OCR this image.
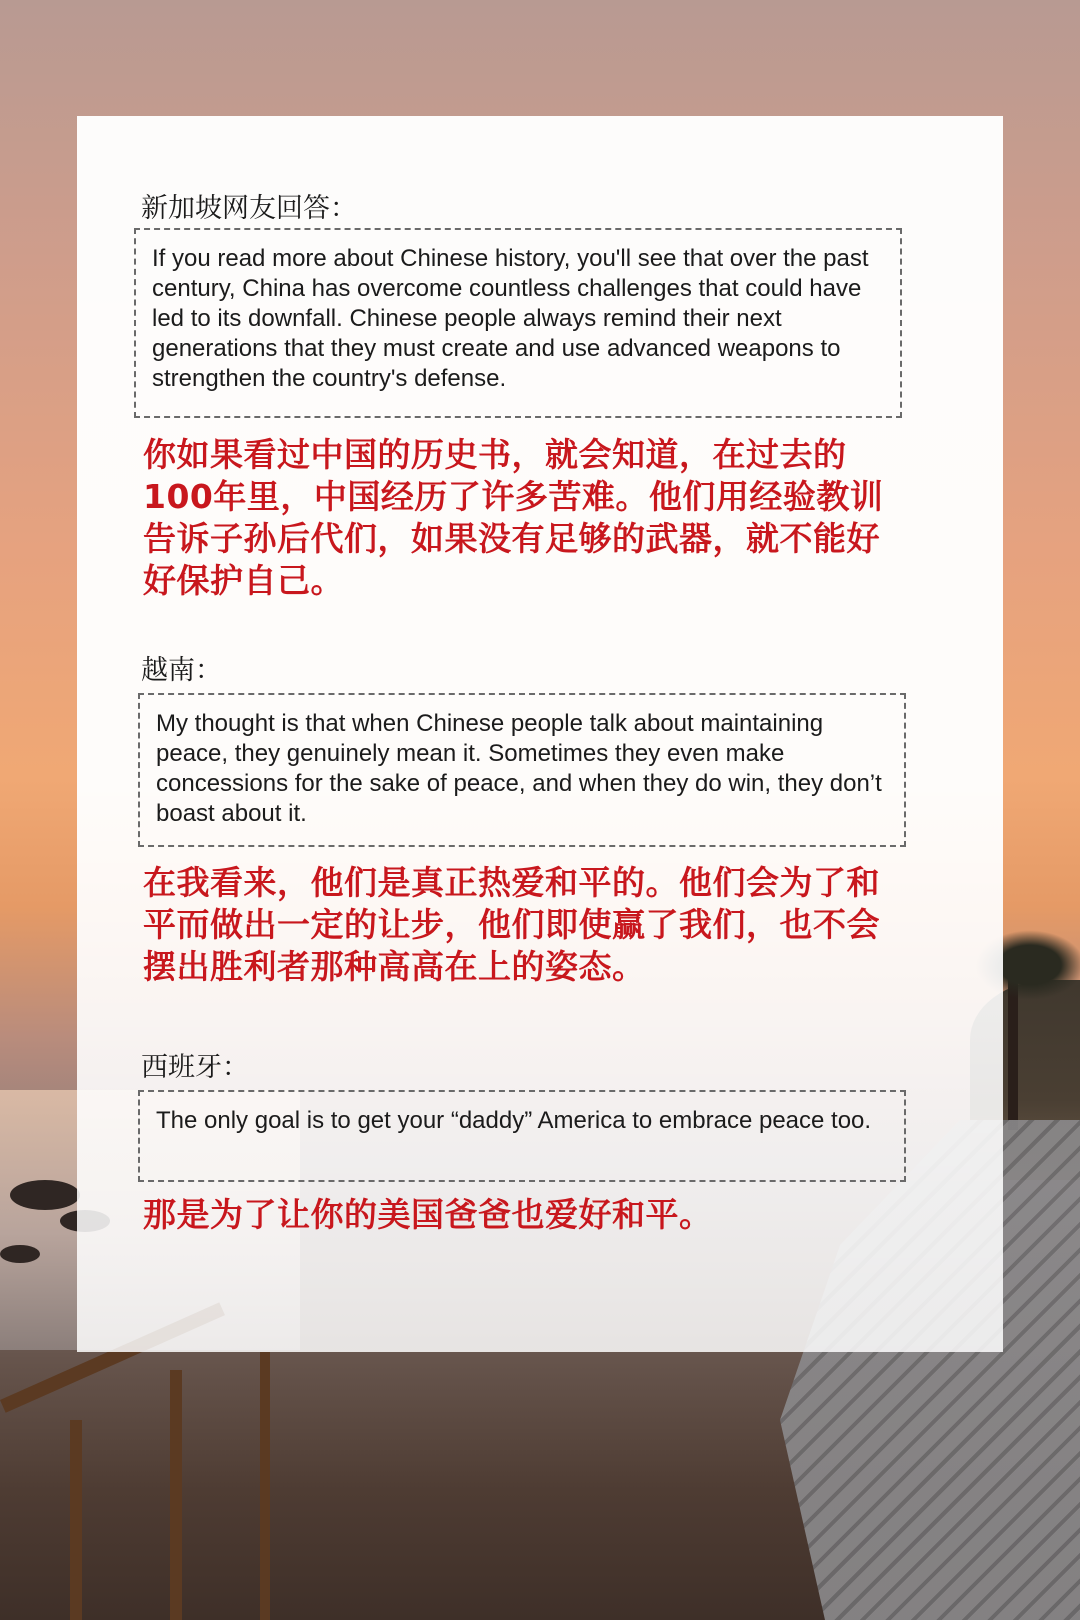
新加坡网友回答：
If you read more about Chinese history, you'll see that over the past century, China has overcome countless challenges that could have led to its downfall. Chinese people always remind their next generations that they must create and use advanced weapons to strengthen the country's defense.
你如果看过中国的历史书，就会知道，在过去的100年里，中国经历了许多苦难。他们用经验教训告诉子孙后代们，如果没有足够的武器，就不能好好保护自己。
越南：
My thought is that when Chinese people talk about maintaining peace, they genuinely mean it. Sometimes they even make concessions for the sake of peace, and when they do win, they don’t boast about it.
在我看来，他们是真正热爱和平的。他们会为了和平而做出一定的让步，他们即使赢了我们，也不会摆出胜利者那种高高在上的姿态。
西班牙：
The only goal is to get your “daddy” America to embrace peace too.
那是为了让你的美国爸爸也爱好和平。
